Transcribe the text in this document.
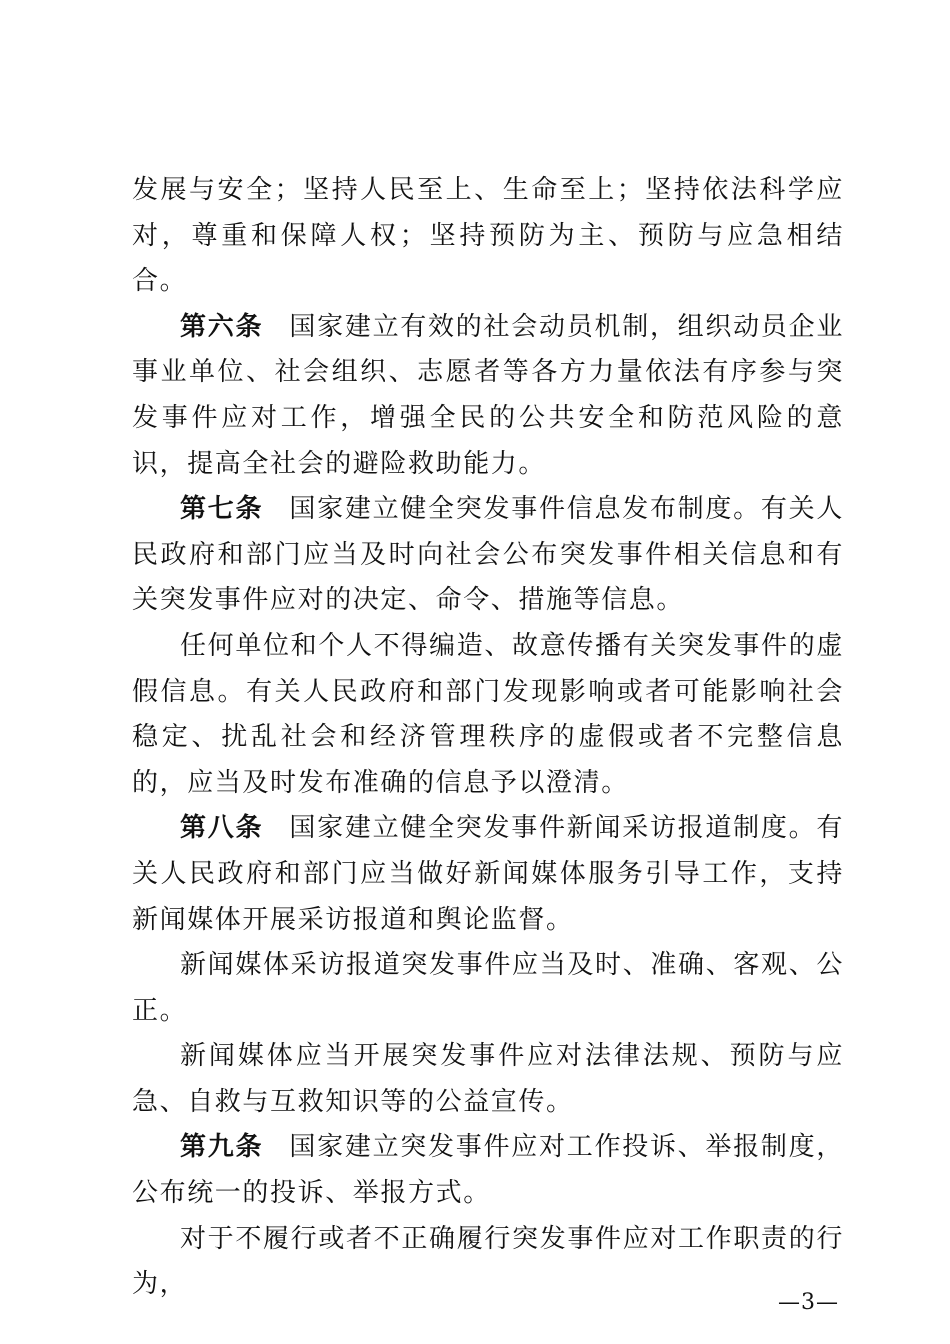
发展与安全；坚持人民至上、生命至上；坚持依法科学应对，尊重和保障人权；坚持预防为主、预防与应急相结合。

第六条 国家建立有效的社会动员机制，组织动员企业事业单位、社会组织、志愿者等各方力量依法有序参与突发事件应对工作，增强全民的公共安全和防范风险的意识，提高全社会的避险救助能力。

第七条 国家建立健全突发事件信息发布制度。有关人民政府和部门应当及时向社会公布突发事件相关信息和有关突发事件应对的决定、命令、措施等信息。

任何单位和个人不得编造、故意传播有关突发事件的虚假信息。有关人民政府和部门发现影响或者可能影响社会稳定、扰乱社会和经济管理秩序的虚假或者不完整信息的，应当及时发布准确的信息予以澄清。

第八条 国家建立健全突发事件新闻采访报道制度。有关人民政府和部门应当做好新闻媒体服务引导工作，支持新闻媒体开展采访报道和舆论监督。

新闻媒体采访报道突发事件应当及时、准确、客观、公正。

新闻媒体应当开展突发事件应对法律法规、预防与应急、自救与互救知识等的公益宣传。

第九条 国家建立突发事件应对工作投诉、举报制度，公布统一的投诉、举报方式。

对于不履行或者不正确履行突发事件应对工作职责的行为，

—3—
